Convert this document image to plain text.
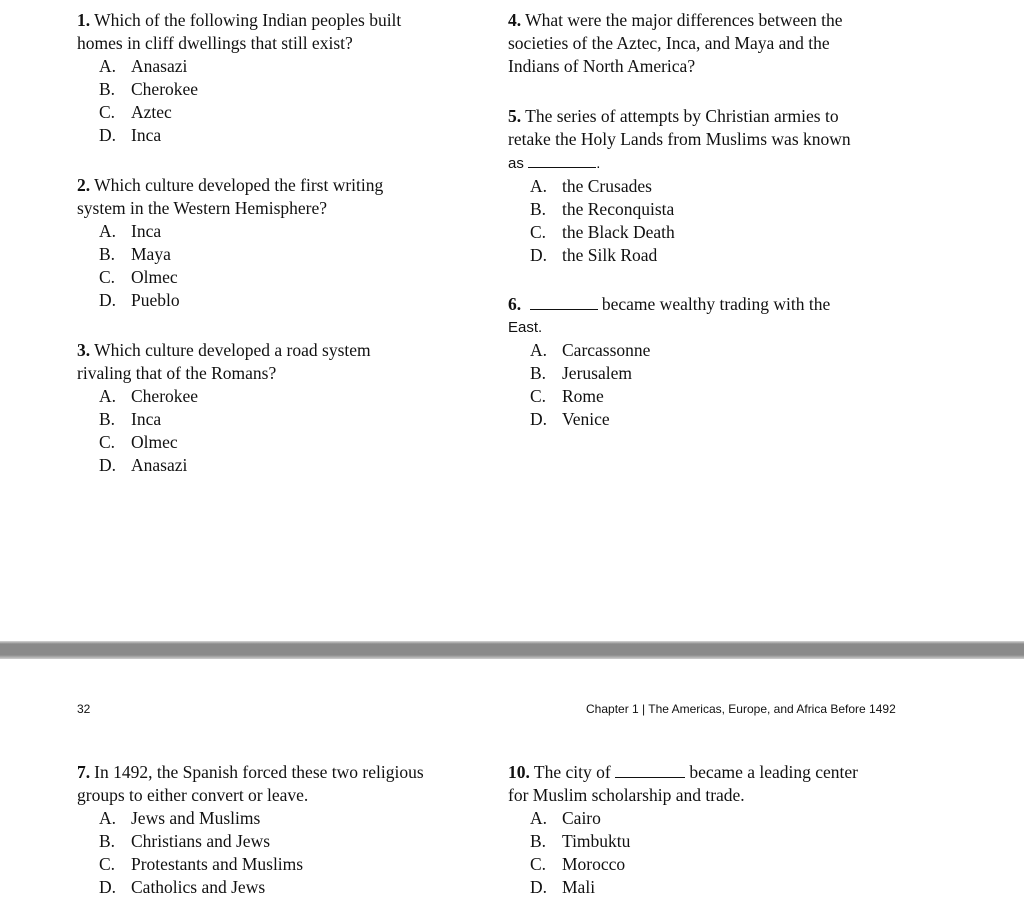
1. Which of the following Indian peoples built
homes in cliff dwellings that still exist?
A. Anasazi
B. Cherokee
C. Aztec
D. Inca
2. Which culture developed the first writing
system in the Western Hemisphere?
A. Inca
B. Maya
C. Olmec
D. Pueblo
3. Which culture developed a road system
rivaling that of the Romans?
A. Cherokee
B. Inca
C. Olmec
D. Anasazi
4. What were the major differences between the
societies of the Aztec, Inca, and Maya and the
Indians of North America?
5. The series of attempts by Christian armies to
retake the Holy Lands from Muslims was known
as	.
A. the Crusades
B. the Reconquista
C. the Black Death
D. the Silk Road
6.	became wealthy trading with the
East.
A. Carcassonne
B. Jerusalem
C. Rome
D. Venice
32	Chapter 1 | The Americas, Europe, and Africa Before 1492
7. In 1492, the Spanish forced these two religious
groups to either convert or leave.
A. Jews and Muslims
B. Christians and Jews
C. Protestants and Muslims
D. Catholics and Jews
10. The city of	became a leading center
for Muslim scholarship and trade.
A. Cairo
B. Timbuktu
C. Morocco
D. Mali
